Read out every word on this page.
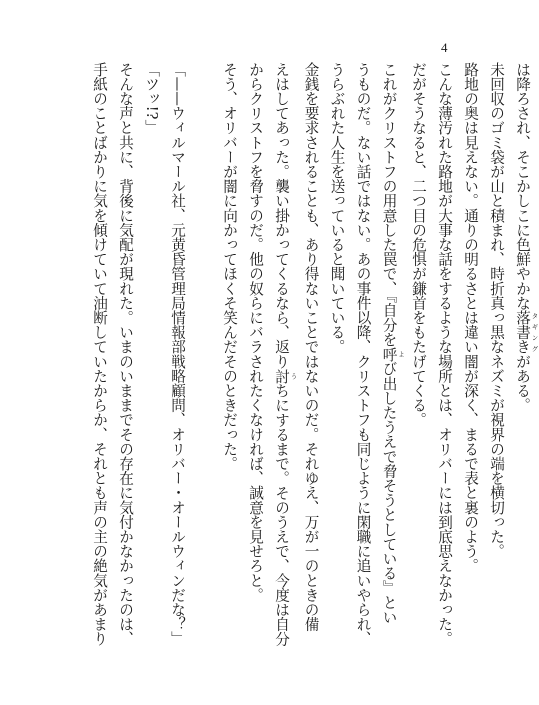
4

は降ろされ、そこかしこに色鮮やかな落書き タギングがある。

未回収のゴミ袋が山と積まれ、時折真っ黒なネズミが視界の端を横切った。

路地の奥は見えない。通りの明るさとは違い闇が深く、まるで表と裏のよう。

こんな薄汚れた路地が大事な話をするような場所とは、オリバーには到底思えなかった。

だがそうなると、二つ目の危惧が鎌首をもたげてくる。

これがクリストフの用意した罠で、『自分を呼 よび出したうえで脅そうとしている』とい

うものだ。ない話ではない。あの事件以降、クリストフも同じように閑職に追いやられ、

うらぶれた人生を送っていると聞いている。

金銭を要求されることも、あり得ないことではないのだ。それゆえ、万が一のときの備

えはしてあった。襲い掛かってくるなら、返り討 うちにするまで。そのうえで、今度は自分

からクリストフを脅すのだ。他の奴らにバラされたくなければ、誠意を見せろと。

そう、オリバーが闇に向かってほくそ笑んだそのときだった。

「——ウィルマール社、元黄昏管理局情報部戦略顧問、オリバー・オールウィンだな？」

「ツッ!?」

そんな声と共に、背後に気配が現れた。いまのいままでその存在に気付かなかったのは、

手紙のことばかりに気を傾けていて油断していたからか、それとも声の主の絶気があまり
